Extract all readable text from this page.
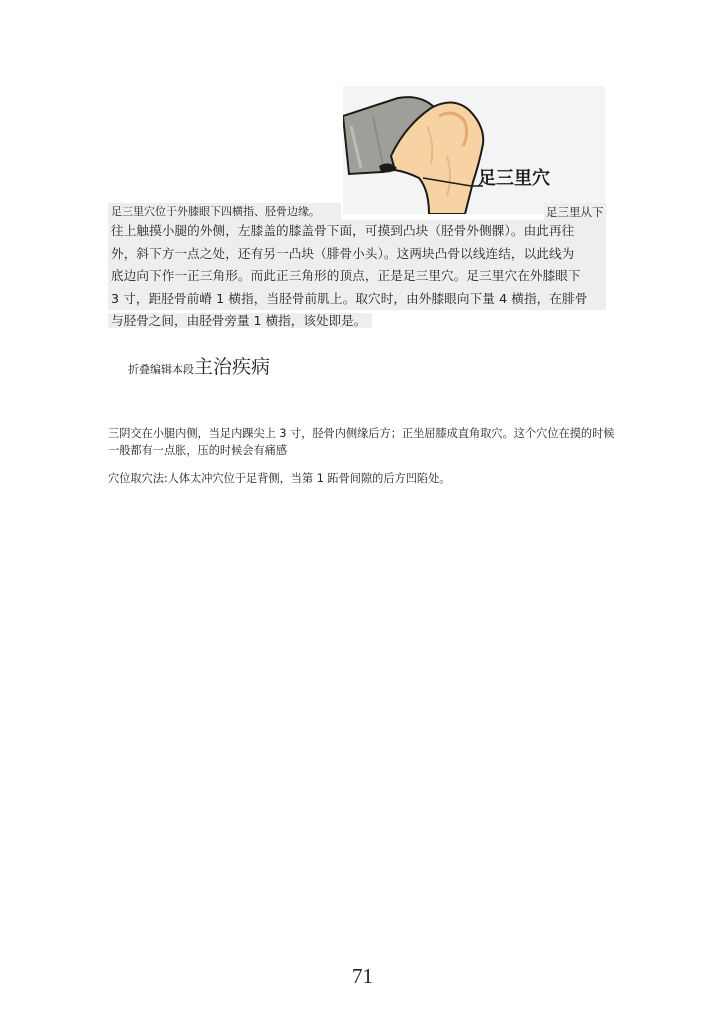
足三里穴
足三里穴位于外膝眼下四横指、胫骨边缘。	足三里从下
往上触摸小腿的外侧，左膝盖的膝盖骨下面，可摸到凸块（胫骨外侧髁）。由此再往
外，斜下方一点之处，还有另一凸块（腓骨小头）。这两块凸骨以线连结，以此线为
底边向下作一正三角形。而此正三角形的顶点，正是足三里穴。足三里穴在外膝眼下
3 寸，距胫骨前嵴 1 横指，当胫骨前肌上。取穴时，由外膝眼向下量 4 横指，在腓骨
与胫骨之间，由胫骨旁量 1 横指，该处即是。
折叠编辑本段主治疾病
三阴交在小腿内侧，当足内踝尖上 3 寸，胫骨内侧缘后方；正坐屈膝成直角取穴。这个穴位在摸的时候一般都有一点胀，压的时候会有痛感
穴位取穴法:人体太冲穴位于足背侧，当第 1 跖骨间隙的后方凹陷处。
71
